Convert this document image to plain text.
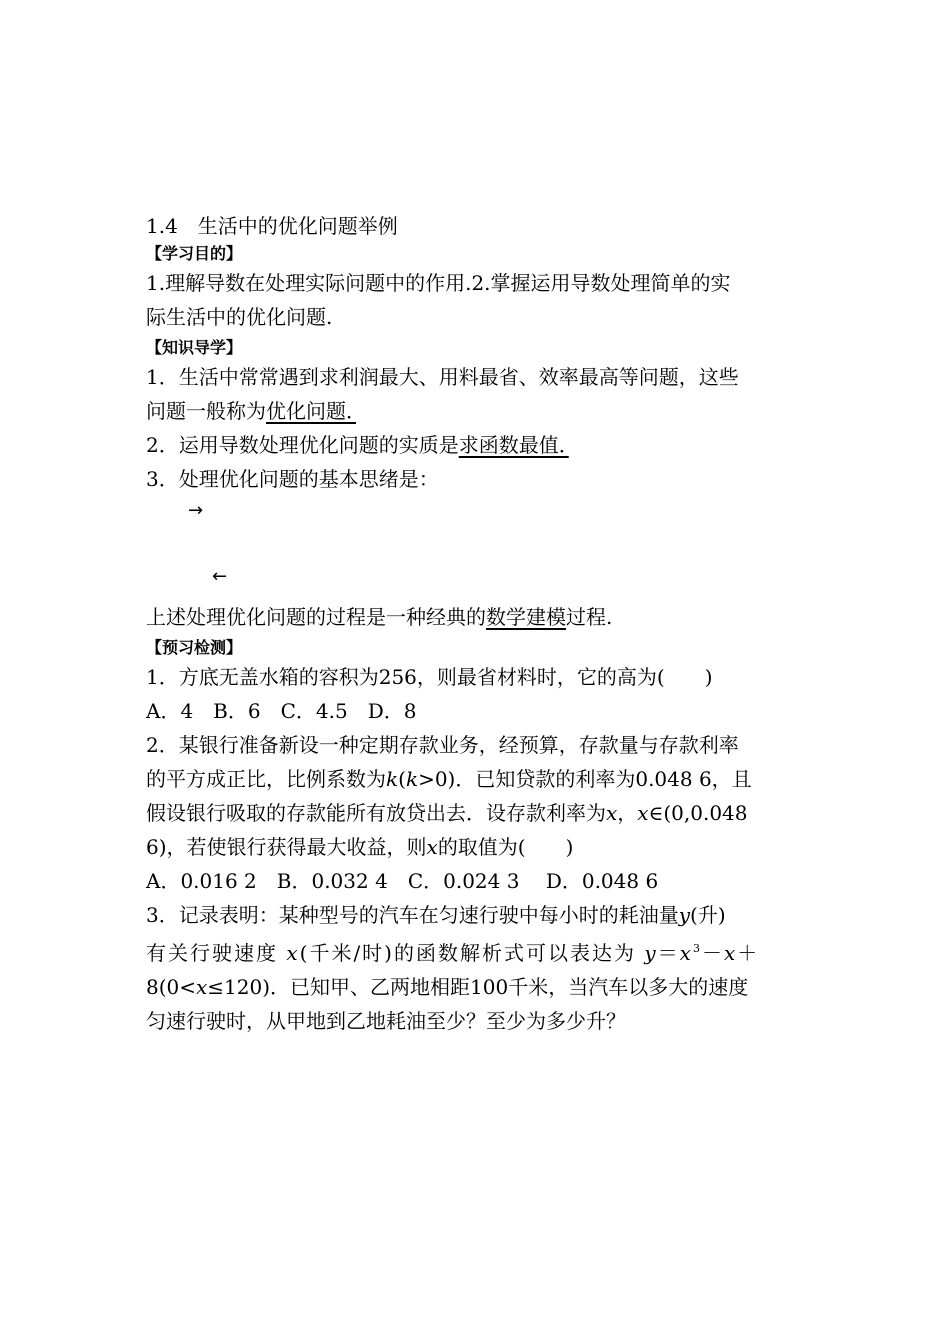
1.4　生活中的优化问题举例
【学习目的】
1.理解导数在处理实际问题中的作用.2.掌握运用导数处理简单的实
际生活中的优化问题.
【知识导学】
1．生活中常常遇到求利润最大、用料最省、效率最高等问题，这些
问题一般称为优化问题．　
2．运用导数处理优化问题的实质是求函数最值．　
3．处理优化问题的基本思绪是：
→
←
上述处理优化问题的过程是一种经典的数学建模过程.
【预习检测】
1．方底无盖水箱的容积为256，则最省材料时，它的高为(　　)
A．4　B．6　C．4.5　D．8
2．某银行准备新设一种定期存款业务，经预算，存款量与存款利率
的平方成正比，比例系数为k(k>0)．已知贷款的利率为0.048 6，且
假设银行吸取的存款能所有放贷出去．设存款利率为x，x∈(0,0.048
6)，若使银行获得最大收益，则x的取值为(　　)
A．0.016 2　B．0.032 4　C．0.024 3　 D．0.048 6
3．记录表明：某种型号的汽车在匀速行驶中每小时的耗油量y(升)
有关行驶速度 x(千米/时)的函数解析式可以表达为 $y=x^3-x+$
8(0<x≤120)．已知甲、乙两地相距100千米，当汽车以多大的速度
匀速行驶时，从甲地到乙地耗油至少？至少为多少升？
